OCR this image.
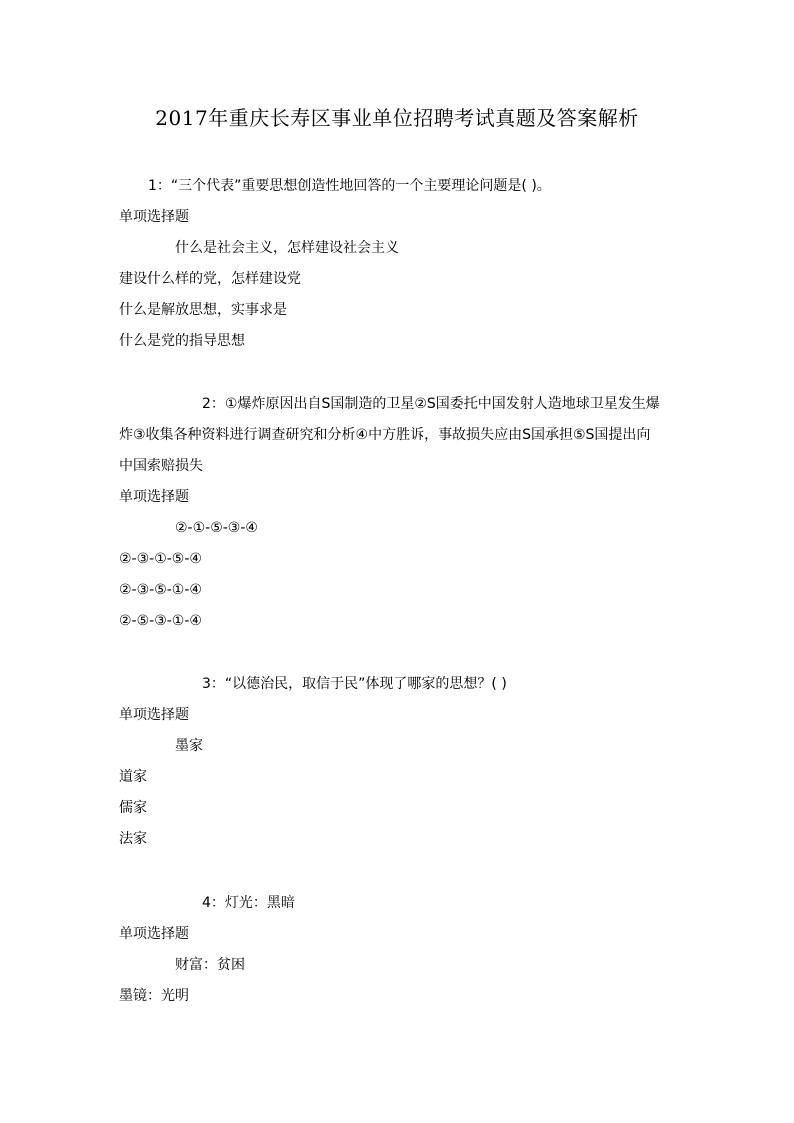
2017年重庆长寿区事业单位招聘考试真题及答案解析
1：“三个代表”重要思想创造性地回答的一个主要理论问题是( )。
单项选择题
什么是社会主义，怎样建设社会主义
建设什么样的党，怎样建设党
什么是解放思想，实事求是
什么是党的指导思想
2：①爆炸原因出自S国制造的卫星②S国委托中国发射人造地球卫星发生爆
炸③收集各种资料进行调查研究和分析④中方胜诉，事故损失应由S国承担⑤S国提出向
中国索赔损失
单项选择题
②-①-⑤-③-④
②-③-①-⑤-④
②-③-⑤-①-④
②-⑤-③-①-④
3：“以德治民，取信于民”体现了哪家的思想？( )
单项选择题
墨家
道家
儒家
法家
4：灯光：黑暗
单项选择题
财富：贫困
墨镜：光明
